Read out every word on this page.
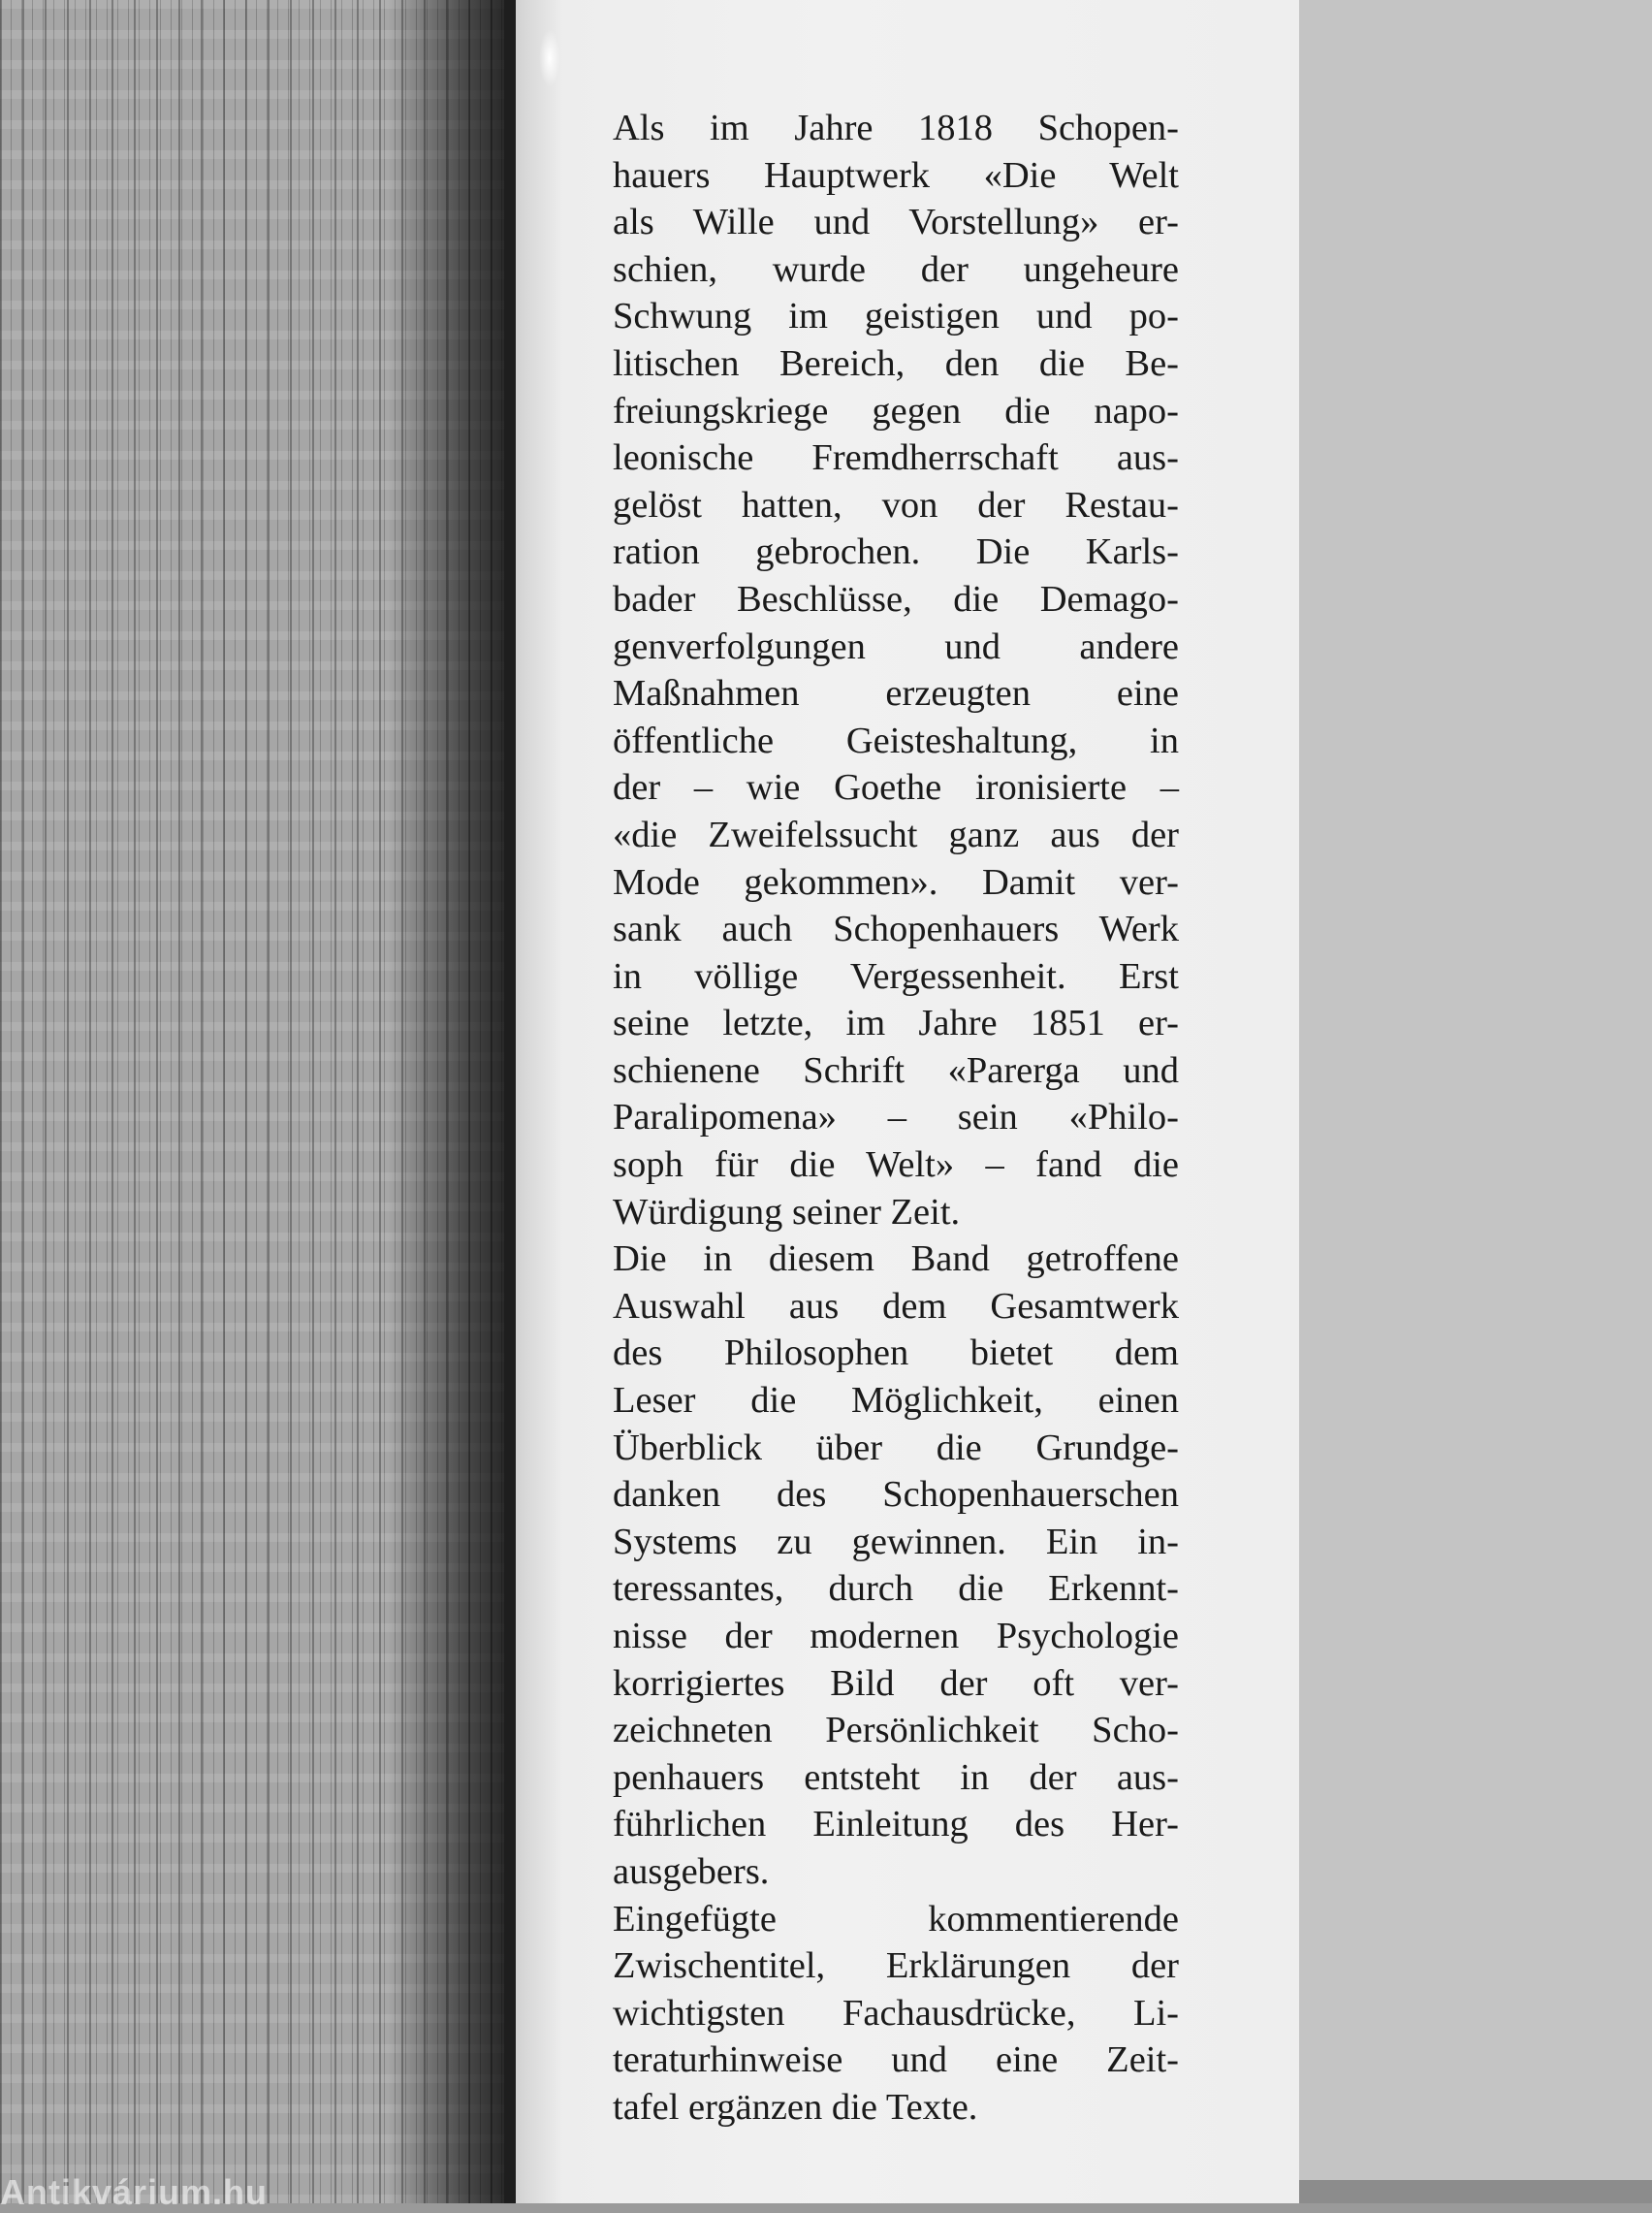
Als im Jahre 1818 Schopen-
hauers Hauptwerk «Die Welt
als Wille und Vorstellung» er-
schien, wurde der ungeheure
Schwung im geistigen und po-
litischen Bereich, den die Be-
freiungskriege gegen die napo-
leonische Fremdherrschaft aus-
gelöst hatten, von der Restau-
ration gebrochen. Die Karls-
bader Beschlüsse, die Demago-
genverfolgungen und andere
Maßnahmen erzeugten eine
öffentliche Geisteshaltung, in
der – wie Goethe ironisierte –
«die Zweifelssucht ganz aus der
Mode gekommen». Damit ver-
sank auch Schopenhauers Werk
in völlige Vergessenheit. Erst
seine letzte, im Jahre 1851 er-
schienene Schrift «Parerga und
Paralipomena» – sein «Philo-
soph für die Welt» – fand die
Würdigung seiner Zeit.
Die in diesem Band getroffene
Auswahl aus dem Gesamtwerk
des Philosophen bietet dem
Leser die Möglichkeit, einen
Überblick über die Grundge-
danken des Schopenhauerschen
Systems zu gewinnen. Ein in-
teressantes, durch die Erkennt-
nisse der modernen Psychologie
korrigiertes Bild der oft ver-
zeichneten Persönlichkeit Scho-
penhauers entsteht in der aus-
führlichen Einleitung des Her-
ausgebers.
Eingefügte kommentierende
Zwischentitel, Erklärungen der
wichtigsten Fachausdrücke, Li-
teraturhinweise und eine Zeit-
tafel ergänzen die Texte.
Antikvárium.hu
